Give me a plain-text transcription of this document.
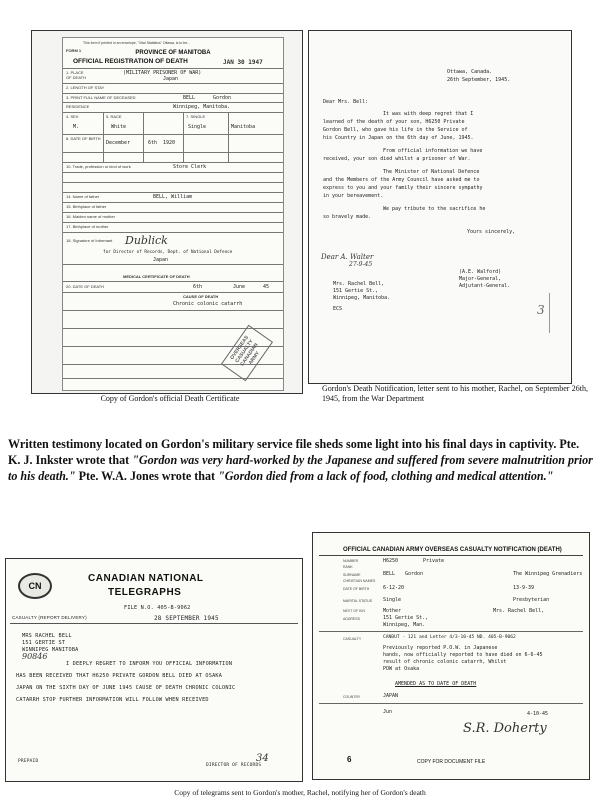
This form if printed in an envelope, "Vital Statistics" Ottawa, is to be...
FORM 1	PROVINCE OF MANITOBA
OFFICIAL REGISTRATION OF DEATH	JAN 30 1947
1. PLACE
OF DEATH
(MILITARY PRISONER OF WAR)
Japan
2. LENGTH OF STAY
3. PRINT FULL NAME OF DECEASED	BELL	Gordon
RESIDENCE	Winnipeg, Manitoba.
4. SEX
M.
5. RACE
White
7. SINGLE
Single	Manitoba
8. DATE OF BIRTH
December	6th 1920
10. Trade, profession or kind of work	Store Clerk
14. Name of father	BELL, William
15. Birthplace of father
16. Maiden name of mother
17. Birthplace of mother
18. Signature of Informant Dublick
for Director of Records, Dept. of National Defence
Japan
MEDICAL CERTIFICATE OF DEATH
20. DATE OF DEATH	6th	June	45
CAUSE OF DEATH
Chronic colonic catarrh
OVERSEAS CASUALTY CANADIAN ARMY
Copy of Gordon's official Death Certificate
Ottawa, Canada.
26th September, 1945.
Dear Mrs. Bell:
It was with deep regret that I
learned of the death of your son, H6250 Private
Gordon Bell, who gave his life in the Service of
his Country in Japan on the 6th day of June, 1945.
From official information we have
received, your son died whilst a prisoner of War.
The Minister of National Defence
and the Members of the Army Council have asked me to
express to you and your family their sincere sympathy
in your bereavement.
We pay tribute to the sacrifice he
so bravely made.
Yours sincerely,
Dear A. Walter
27-9-45
(A.E. Walford)
Major-General,
Adjutant-General.
Mrs. Rachel Bell,
151 Gertie St.,
Winnipeg, Manitoba.
ECS	3
Gordon's Death Notification, letter sent to his mother, Rachel, on September 26th, 1945, from the War Department
Written testimony located on Gordon's military service file sheds some light into his final days in captivity. Pte. K. J. Inkster wrote that "Gordon was very hard-worked by the Japanese and suffered from severe malnutrition prior to his death." Pte. W.A. Jones wrote that "Gordon died from a lack of food, clothing and medical attention."
CN
CANADIAN NATIONAL
TELEGRAPHS
FILE N.O. 405-B-9062
CASUALTY (REPORT DELIVERY)	28 SEPTEMBER 1945
MRS RACHEL BELL
151 GERTIE ST
WINNIPEG MANITOBA
90846
I DEEPLY REGRET TO INFORM YOU OFFICIAL INFORMATION
HAS BEEN RECEIVED THAT H6250 PRIVATE GORDON BELL DIED AT OSAKA
JAPAN ON THE SIXTH DAY OF JUNE 1945 CAUSE OF DEATH CHRONIC COLONIC
CATARRH STOP FURTHER INFORMATION WILL FOLLOW WHEN RECEIVED
PREPAID
DIRECTOR OF RECORDS
34
OFFICIAL CANADIAN ARMY OVERSEAS CASUALTY NOTIFICATION (DEATH)
NUMBER	H6250
RANK
Private
The Winnipeg Grenadiers
SURNAME	BELL
CHRISTIAN NAMES
Gordon
DATE OF BIRTH	6-12-20	13-9-39
MARITAL STATUS Single	Presbyterian
NEXT OF KIN	Mother	Mrs. Rachel Bell,
ADDRESS	151 Gertie St.,
Winnipeg, Man.
CASUALTY	CANBUT - 121 and Letter 4/3-10-45 ND. 405-B-9062
Previously reported P.O.W. in Japanese
hands, now officially reported to have died on 6-6-45
result of chronic colonic catarrh, Whilst
POW at Osaka
AMENDED AS TO DATE OF DEATH
COUNTRY	JAPAN
Jun	4-10-45
S.R. Doherty
6	COPY FOR DOCUMENT FILE
Copy of telegrams sent to Gordon's mother, Rachel, notifying her of Gordon's death
